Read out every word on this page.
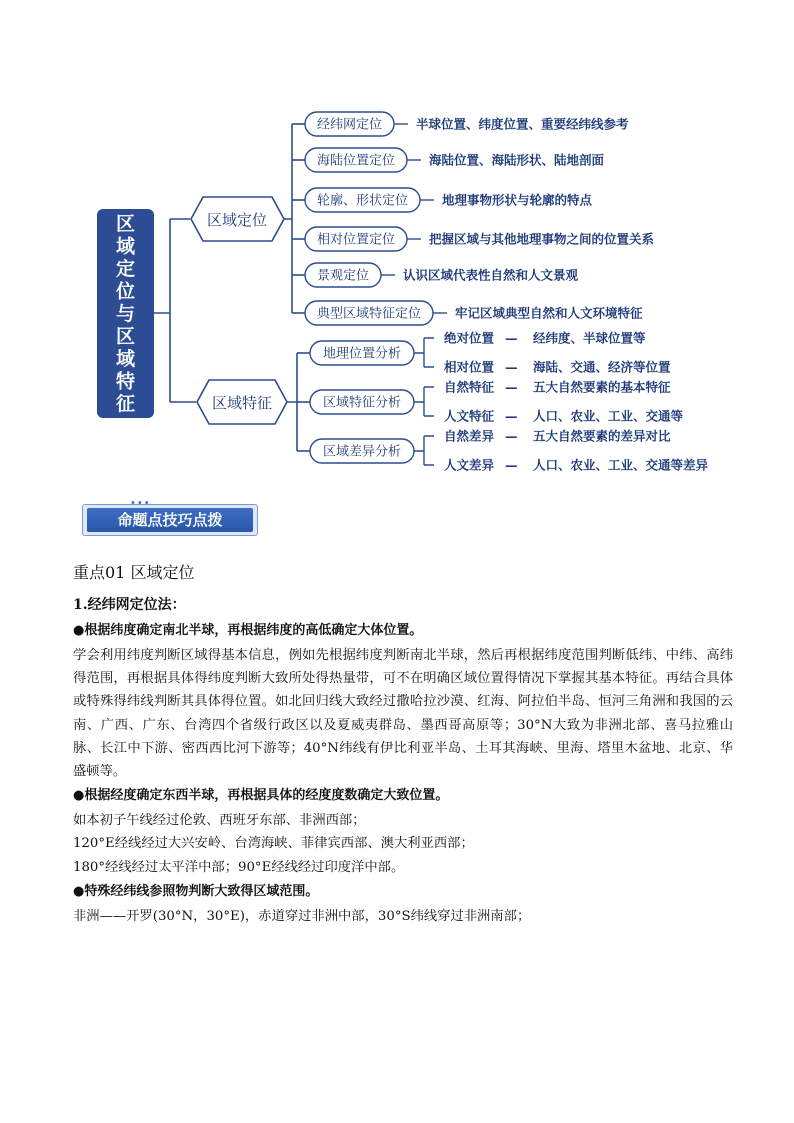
区域定位与区域特征
区域定位
区域特征
经纬网定位	半球位置、纬度位置、重要经纬线参考
海陆位置定位	海陆位置、海陆形状、陆地剖面
轮廓、形状定位	地理事物形状与轮廓的特点
相对位置定位	把握区域与其他地理事物之间的位置关系
景观定位	认识区域代表性自然和人文景观
典型区域特征定位	牢记区域典型自然和人文环境特征
地理位置分析
绝对位置 — 经纬度、半球位置等
相对位置 — 海陆、交通、经济等位置
区域特征分析
自然特征 — 五大自然要素的基本特征
人文特征 — 人口、农业、工业、交通等
区域差异分析
自然差异 — 五大自然要素的差异对比
人文差异 — 人口、农业、工业、交通等差异
命题点技巧点拨

重点01 区域定位

1.经纬网定位法：

●根据纬度确定南北半球，再根据纬度的高低确定大体位置。

学会利用纬度判断区域得基本信息，例如先根据纬度判断南北半球，然后再根据纬度范围判断低纬、中纬、高纬得范围，再根据具体得纬度判断大致所处得热量带，可不在明确区域位置得情况下掌握其基本特征。再结合具体或特殊得纬线判断其具体得位置。如北回归线大致经过撒哈拉沙漠、红海、阿拉伯半岛、恒河三角洲和我国的云南、广西、广东、台湾四个省级行政区以及夏威夷群岛、墨西哥高原等；30°N大致为非洲北部、喜马拉雅山脉、长江中下游、密西西比河下游等；40°N纬线有伊比利亚半岛、土耳其海峡、里海、塔里木盆地、北京、华盛顿等。

●根据经度确定东西半球，再根据具体的经度度数确定大致位置。

如本初子午线经过伦敦、西班牙东部、非洲西部；

120°E经线经过大兴安岭、台湾海峡、菲律宾西部、澳大利亚西部；

180°经线经过太平洋中部；90°E经线经过印度洋中部。

●特殊经纬线参照物判断大致得区域范围。

非洲——开罗(30°N，30°E)，赤道穿过非洲中部，30°S纬线穿过非洲南部；
